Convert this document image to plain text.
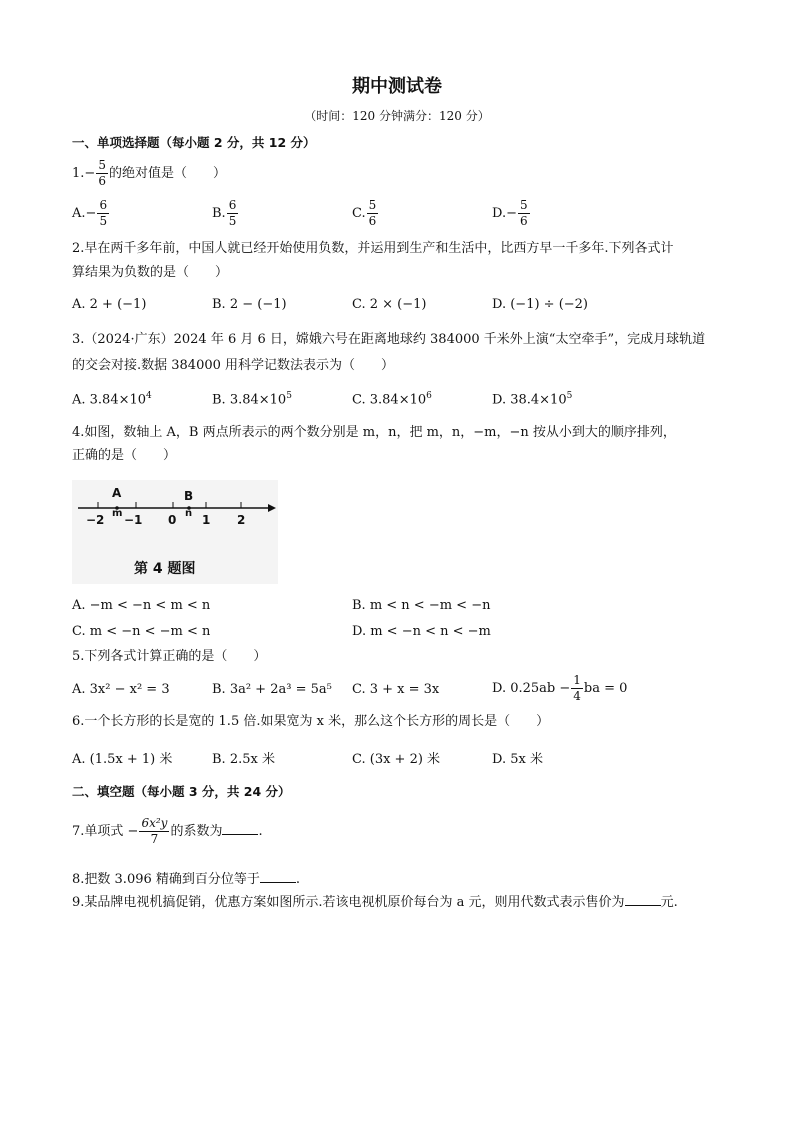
期中测试卷
（时间：120 分钟满分：120 分）
一、单项选择题（每小题 2 分，共 12 分）
$1.- \frac{5}{6}$ 的绝对值是（　　）
$A.- \frac{6}{5}$	B. $\frac{6}{5}$	C. $\frac{5}{6}$	$D.- \frac{5}{6}$
2.早在两千多年前，中国人就已经开始使用负数，并运用到生产和生活中，比西方早一千多年.下列各式计
算结果为负数的是（　　）
A. 2 + (−1)	B. 2 − (−1)	C. 2 × (−1)	D. (−1) ÷ (−2)
3.（2024·广东）2024 年 6 月 6 日，嫦娥六号在距离地球约 384000 千米外上演“太空牵手”，完成月球轨道
的交会对接.数据 384000 用科学记数法表示为（　　）
A. $3.84\times 10^4$	B. $3.84\times 10^5$	C. $3.84\times 10^6$	D. $38.4\times 10^5$
4.如图，数轴上 A，B 两点所表示的两个数分别是 m，n，把 m，n，−m，−n 按从小到大的顺序排列，
正确的是（　　）
A	B
m	n
−2 −1 0 1 2
第 4 题图
A. −m < −n < m < n	B. m < n < −m < −n
C. m < −n < −m < n	D. m < −n < n < −m
5.下列各式计算正确的是（　　）
A. 3x² − x² = 3	B. 3a² + 2a³ = 5a⁵ C. 3 + x = 3x	D. $0.25ab - \frac{1}{4}$ ba = 0
6.一个长方形的长是宽的 1.5 倍.如果宽为 x 米，那么这个长方形的周长是（　　）
A. (1.5x + 1) 米	B. 2.5x 米	C. (3x + 2) 米	D. 5x 米
二、填空题（每小题 3 分，共 24 分）
7.单项式 − $\frac{\text{6x²y}}{7}$ 的系数为	.
8.把数 3.096 精确到百分位等于	.
9.某品牌电视机搞促销，优惠方案如图所示.若该电视机原价每台为 a 元，则用代数式表示售价为	元.
